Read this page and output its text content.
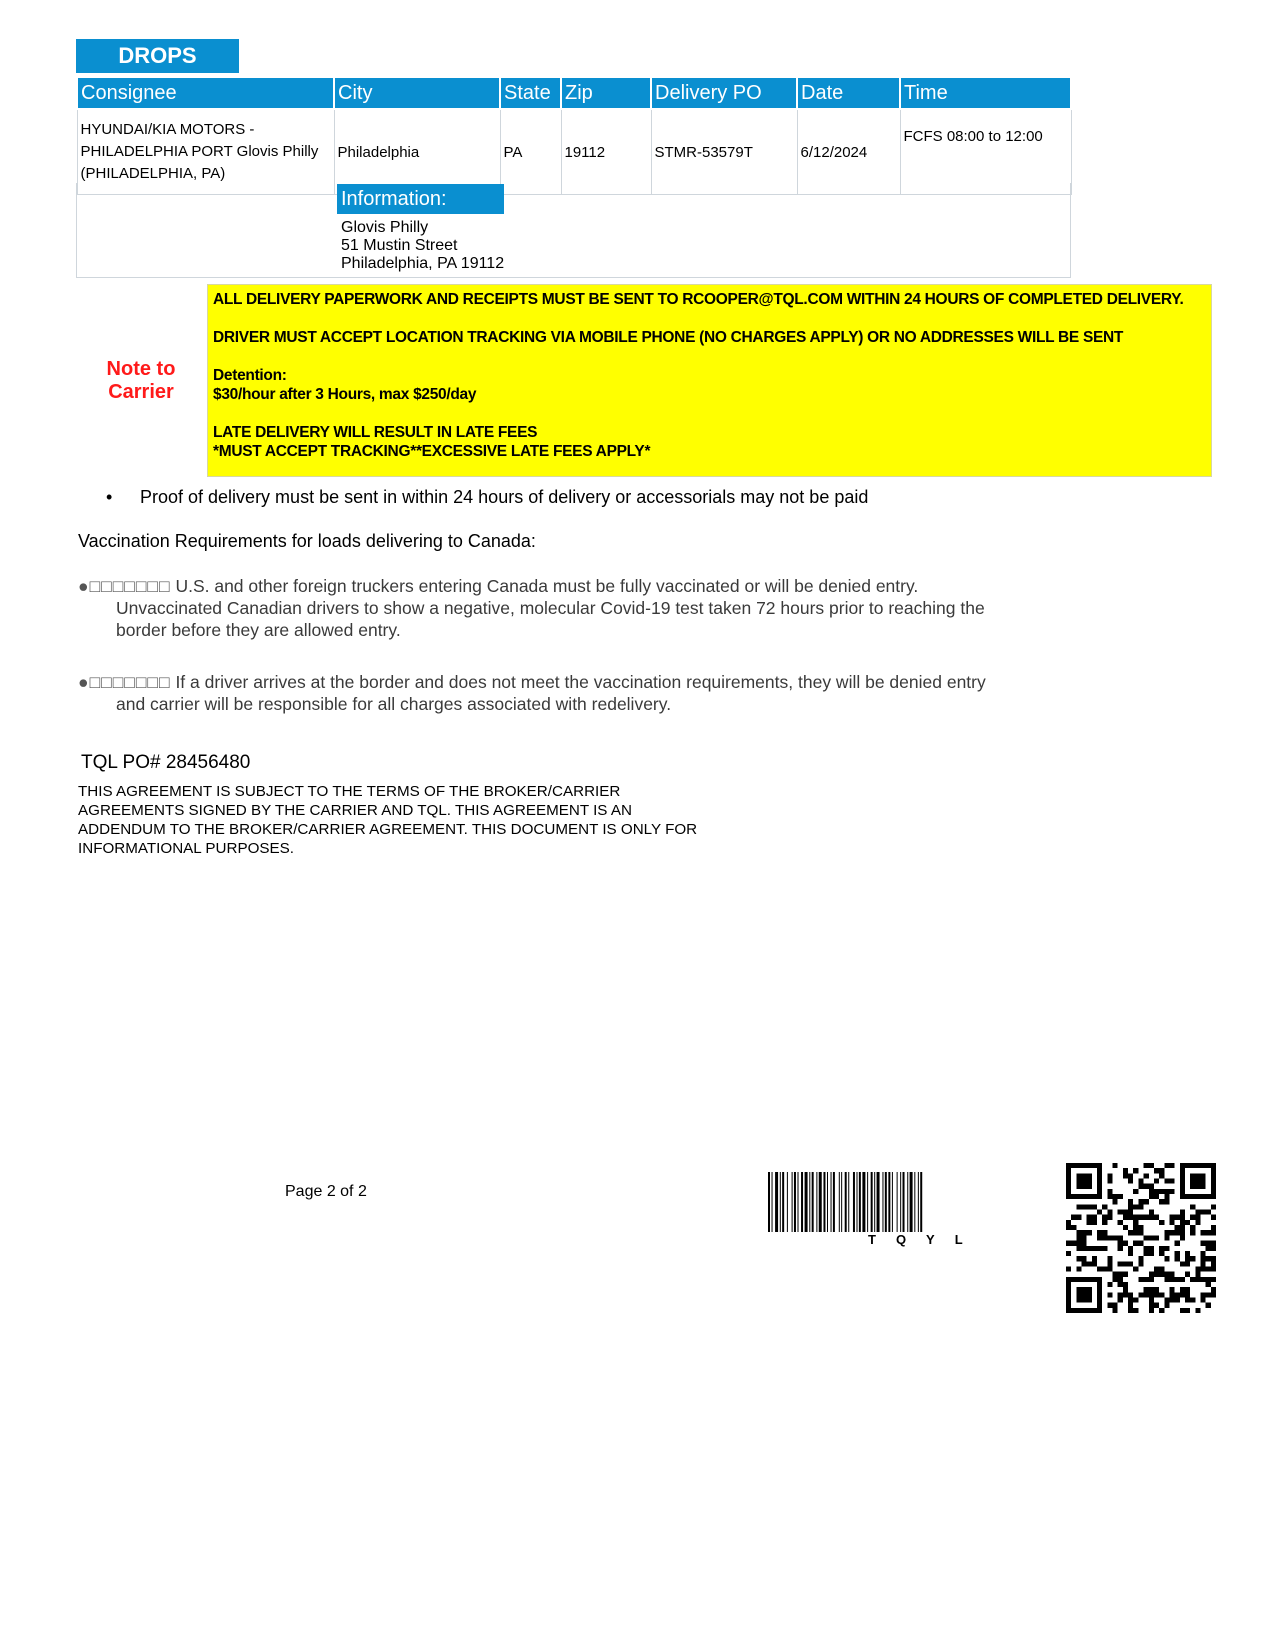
DROPS
Consignee	City	State	Zip	Delivery PO	Date	Time
HYUNDAI/KIA MOTORS - PHILADELPHIA PORT Glovis Philly (PHILADELPHIA, PA)	Philadelphia	PA	19112	STMR-53579T	6/12/2024	FCFS 08:00 to 12:00
Information:
Glovis Philly
51 Mustin Street
Philadelphia, PA 19112
Note to
Carrier

ALL DELIVERY PAPERWORK AND RECEIPTS MUST BE SENT TO RCOOPER@TQL.COM WITHIN 24 HOURS OF COMPLETED DELIVERY.

DRIVER MUST ACCEPT LOCATION TRACKING VIA MOBILE PHONE (NO CHARGES APPLY) OR NO ADDRESSES WILL BE SENT

Detention:

$30/hour after 3 Hours, max $250/day

LATE DELIVERY WILL RESULT IN LATE FEES

*MUST ACCEPT TRACKING**EXCESSIVE LATE FEES APPLY*

• Proof of delivery must be sent in within 24 hours of delivery or accessorials may not be paid
Vaccination Requirements for loads delivering to Canada:
●□□□□□□□ U.S. and other foreign truckers entering Canada must be fully vaccinated or will be denied entry.
Unvaccinated Canadian drivers to show a negative, molecular Covid-19 test taken 72 hours prior to reaching the
border before they are allowed entry.
●□□□□□□□ If a driver arrives at the border and does not meet the vaccination requirements, they will be denied entry
and carrier will be responsible for all charges associated with redelivery.
TQL PO# 28456480
THIS AGREEMENT IS SUBJECT TO THE TERMS OF THE BROKER/CARRIER
AGREEMENTS SIGNED BY THE CARRIER AND TQL. THIS AGREEMENT IS AN
ADDENDUM TO THE BROKER/CARRIER AGREEMENT. THIS DOCUMENT IS ONLY FOR
INFORMATIONAL PURPOSES.
Page 2 of 2
TQYL
